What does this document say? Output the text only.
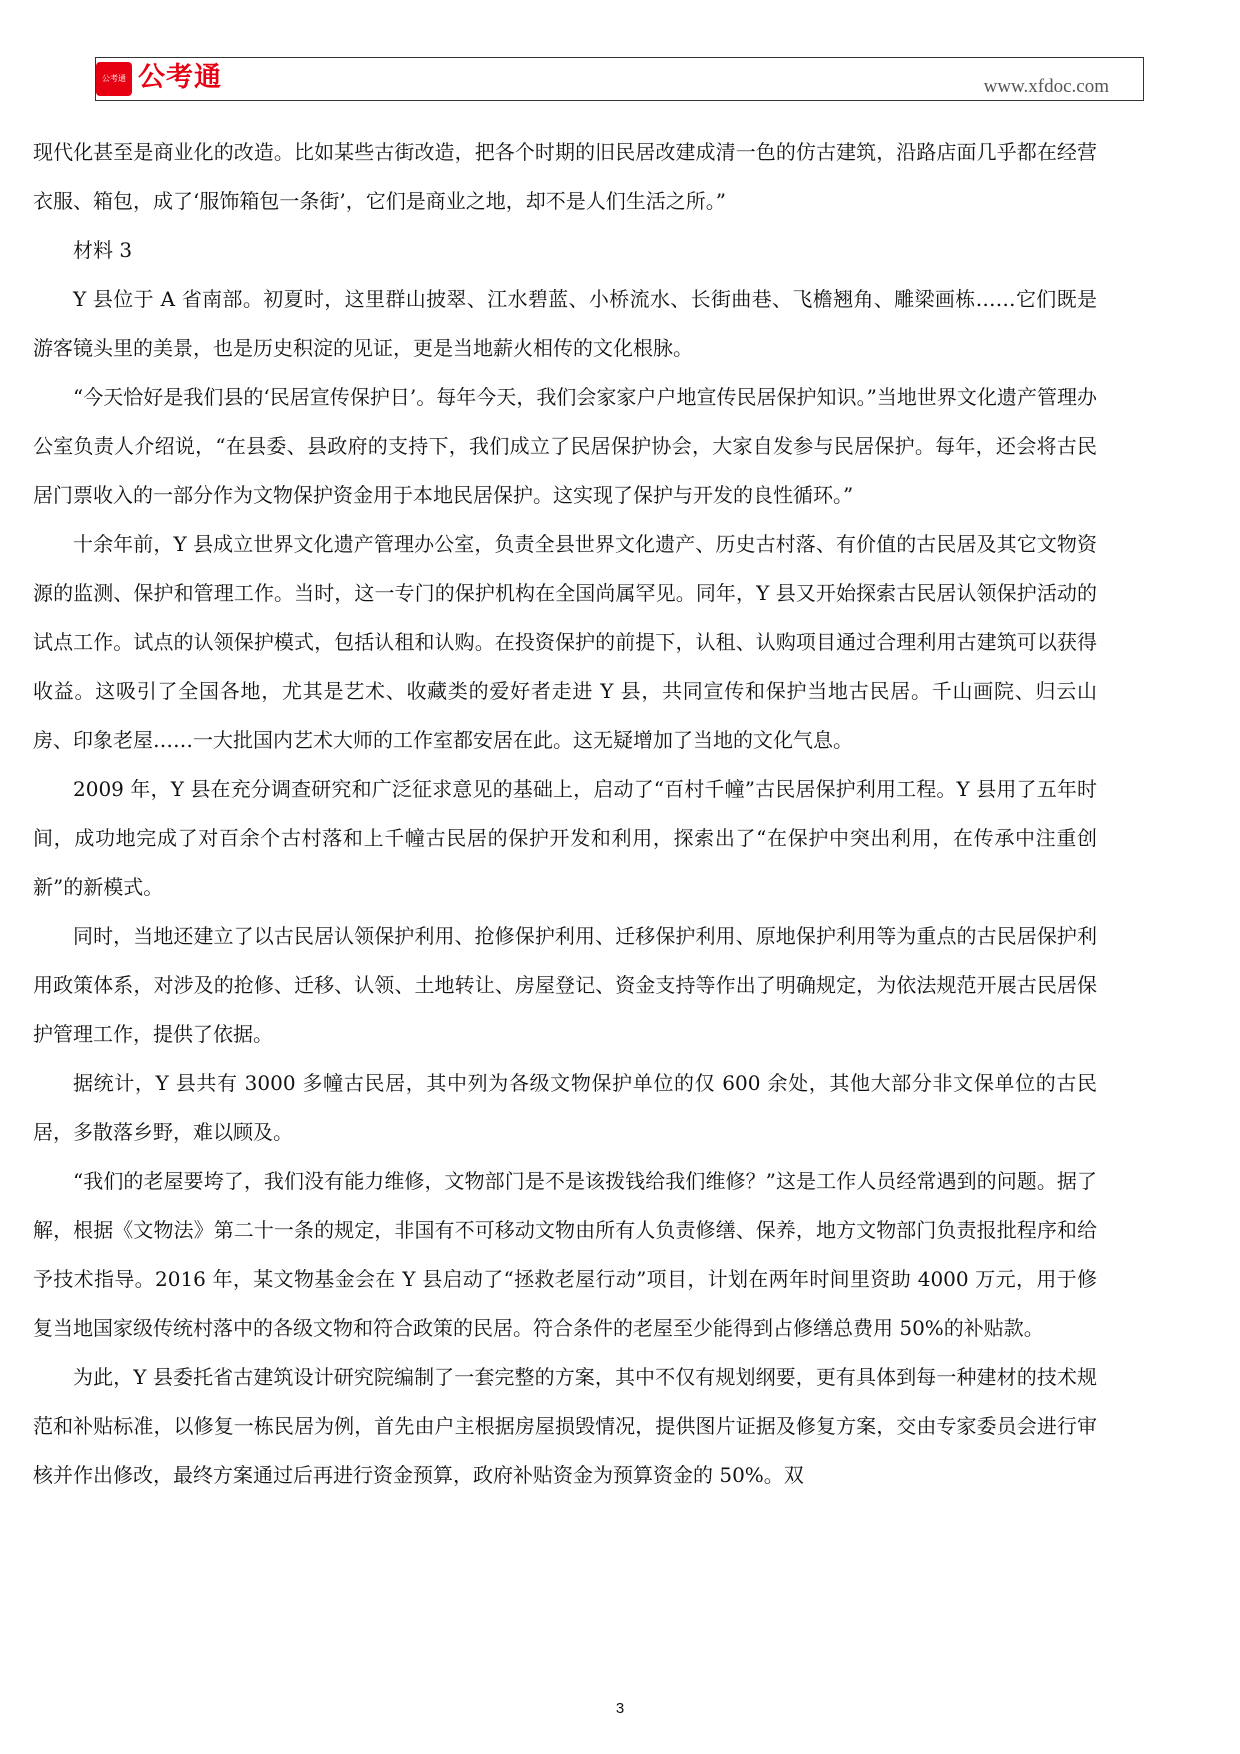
公考通 公考通	www.xfdoc.com

现代化甚至是商业化的改造。比如某些古街改造，把各个时期的旧民居改建成清一色的仿古建筑，沿路店面几乎都在经营衣服、箱包，成了‘服饰箱包一条街’，它们是商业之地，却不是人们生活之所。”

材料 3

Y 县位于 A 省南部。初夏时，这里群山披翠、江水碧蓝、小桥流水、长街曲巷、飞檐翘角、雕梁画栋……它们既是游客镜头里的美景，也是历史积淀的见证，更是当地薪火相传的文化根脉。

“今天恰好是我们县的‘民居宣传保护日’。每年今天，我们会家家户户地宣传民居保护知识。”当地世界文化遗产管理办公室负责人介绍说，“在县委、县政府的支持下，我们成立了民居保护协会，大家自发参与民居保护。每年，还会将古民居门票收入的一部分作为文物保护资金用于本地民居保护。这实现了保护与开发的良性循环。”

十余年前，Y 县成立世界文化遗产管理办公室，负责全县世界文化遗产、历史古村落、有价值的古民居及其它文物资源的监测、保护和管理工作。当时，这一专门的保护机构在全国尚属罕见。同年，Y 县又开始探索古民居认领保护活动的试点工作。试点的认领保护模式，包括认租和认购。在投资保护的前提下，认租、认购项目通过合理利用古建筑可以获得收益。这吸引了全国各地，尤其是艺术、收藏类的爱好者走进 Y 县，共同宣传和保护当地古民居。千山画院、归云山房、印象老屋……一大批国内艺术大师的工作室都安居在此。这无疑增加了当地的文化气息。

2009 年，Y 县在充分调查研究和广泛征求意见的基础上，启动了“百村千幢”古民居保护利用工程。Y 县用了五年时间，成功地完成了对百余个古村落和上千幢古民居的保护开发和利用，探索出了“在保护中突出利用，在传承中注重创新”的新模式。

同时，当地还建立了以古民居认领保护利用、抢修保护利用、迁移保护利用、原地保护利用等为重点的古民居保护利用政策体系，对涉及的抢修、迁移、认领、土地转让、房屋登记、资金支持等作出了明确规定，为依法规范开展古民居保护管理工作，提供了依据。

据统计，Y 县共有 3000 多幢古民居，其中列为各级文物保护单位的仅 600 余处，其他大部分非文保单位的古民居，多散落乡野，难以顾及。

“我们的老屋要垮了，我们没有能力维修，文物部门是不是该拨钱给我们维修？”这是工作人员经常遇到的问题。据了解，根据《文物法》第二十一条的规定，非国有不可移动文物由所有人负责修缮、保养，地方文物部门负责报批程序和给予技术指导。2016 年，某文物基金会在 Y 县启动了“拯救老屋行动”项目，计划在两年时间里资助 4000 万元，用于修复当地国家级传统村落中的各级文物和符合政策的民居。符合条件的老屋至少能得到占修缮总费用 50%的补贴款。

为此，Y 县委托省古建筑设计研究院编制了一套完整的方案，其中不仅有规划纲要，更有具体到每一种建材的技术规范和补贴标准，以修复一栋民居为例，首先由户主根据房屋损毁情况，提供图片证据及修复方案，交由专家委员会进行审核并作出修改，最终方案通过后再进行资金预算，政府补贴资金为预算资金的 50%。双

3
